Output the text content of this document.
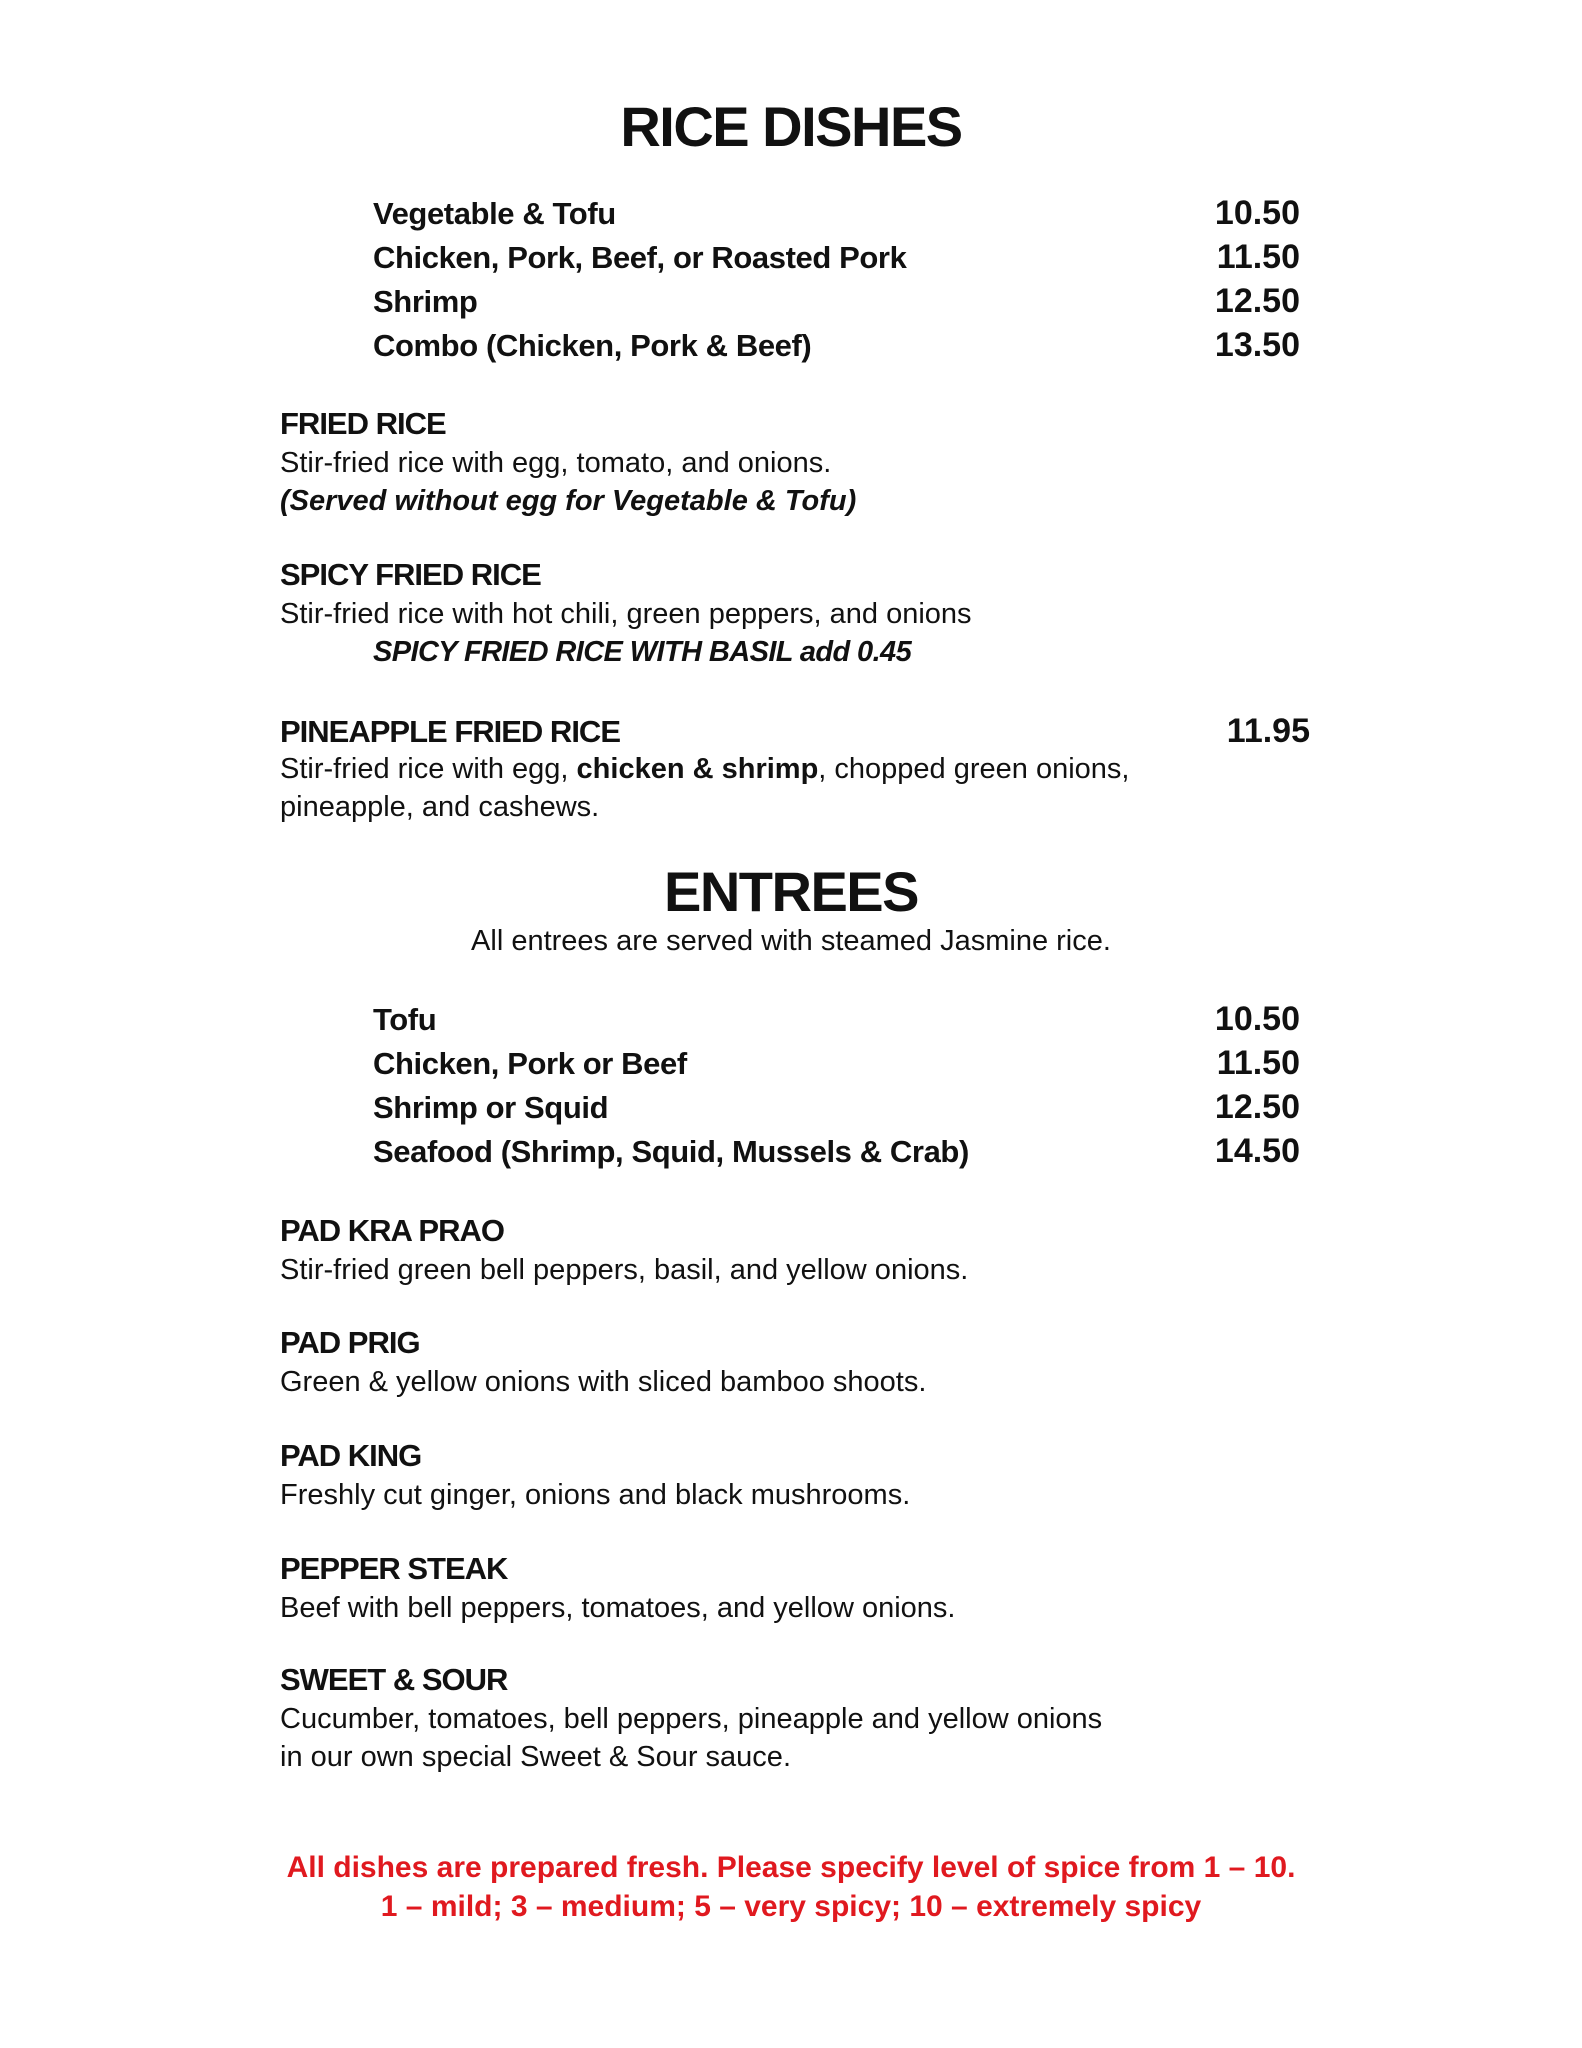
RICE DISHES
Vegetable & Tofu	10.50
Chicken, Pork, Beef, or Roasted Pork	11.50
Shrimp	12.50
Combo (Chicken, Pork & Beef)	13.50
FRIED RICE

Stir-fried rice with egg, tomato, and onions.

(Served without egg for Vegetable & Tofu)

SPICY FRIED RICE

Stir-fried rice with hot chili, green peppers, and onions

SPICY FRIED RICE WITH BASIL add 0.45

PINEAPPLE FRIED RICE	11.95

Stir-fried rice with egg, chicken & shrimp, chopped green onions,

pineapple, and cashews.

ENTREES

All entrees are served with steamed Jasmine rice.

Tofu	10.50
Chicken, Pork or Beef	11.50
Shrimp or Squid	12.50
Seafood (Shrimp, Squid, Mussels & Crab)	14.50
PAD KRA PRAO

Stir-fried green bell peppers, basil, and yellow onions.

PAD PRIG

Green & yellow onions with sliced bamboo shoots.

PAD KING

Freshly cut ginger, onions and black mushrooms.

PEPPER STEAK

Beef with bell peppers, tomatoes, and yellow onions.

SWEET & SOUR

Cucumber, tomatoes, bell peppers, pineapple and yellow onions

in our own special Sweet & Sour sauce.

All dishes are prepared fresh. Please specify level of spice from 1 – 10.

1 – mild; 3 – medium; 5 – very spicy; 10 – extremely spicy
